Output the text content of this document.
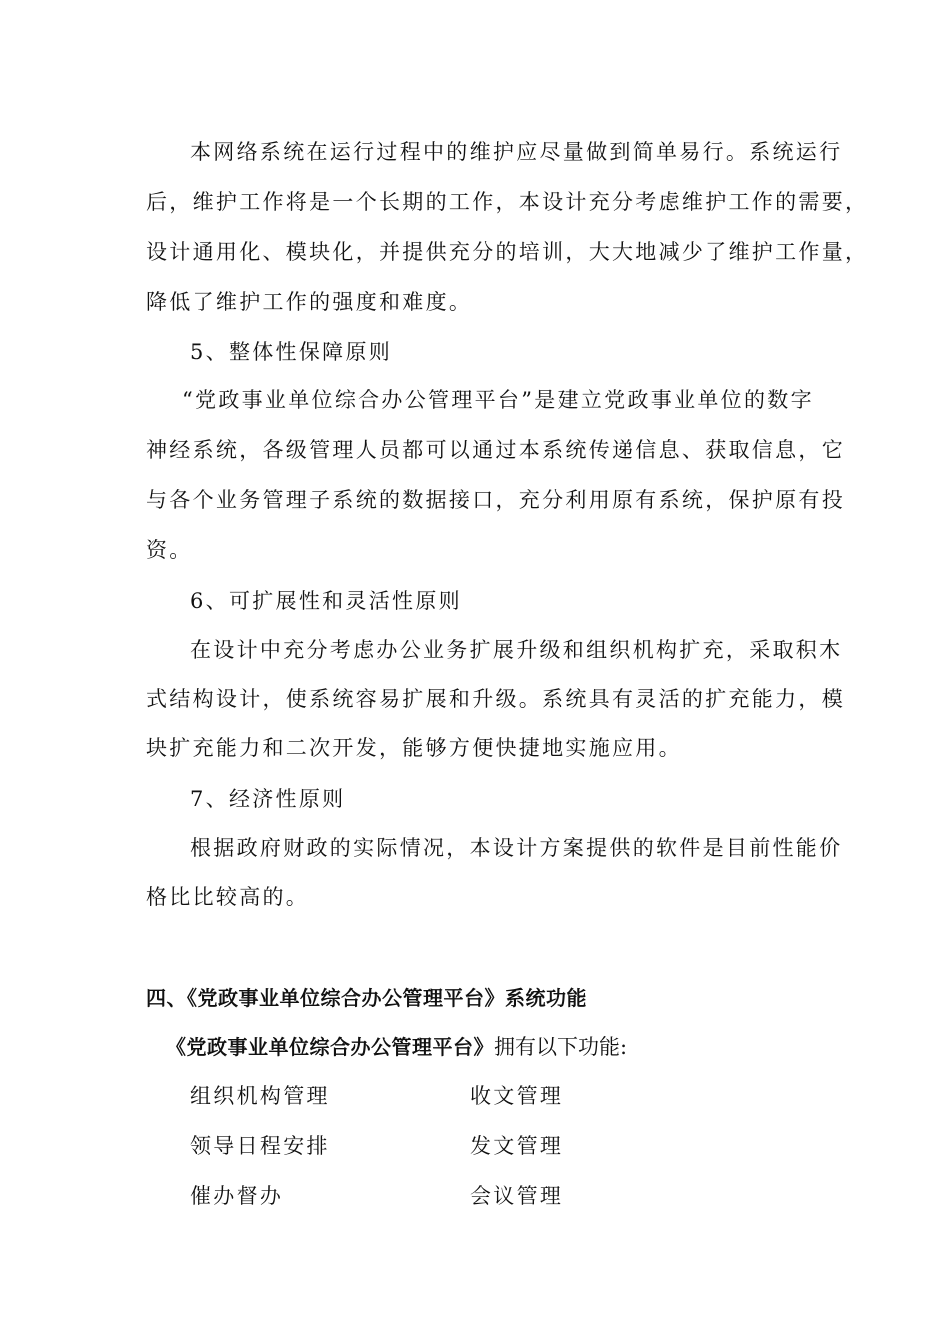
本网络系统在运行过程中的维护应尽量做到简单易行。系统运行
后，维护工作将是一个长期的工作，本设计充分考虑维护工作的需要，
设计通用化、模块化，并提供充分的培训，大大地减少了维护工作量，
降低了维护工作的强度和难度。
5、整体性保障原则
“党政事业单位综合办公管理平台”是建立党政事业单位的数字
神经系统，各级管理人员都可以通过本系统传递信息、获取信息，它
与各个业务管理子系统的数据接口，充分利用原有系统，保护原有投
资。
6、可扩展性和灵活性原则
在设计中充分考虑办公业务扩展升级和组织机构扩充，采取积木
式结构设计，使系统容易扩展和升级。系统具有灵活的扩充能力，模
块扩充能力和二次开发，能够方便快捷地实施应用。
7、经济性原则
根据政府财政的实际情况，本设计方案提供的软件是目前性能价
格比比较高的。
四、《党政事业单位综合办公管理平台》系统功能
《党政事业单位综合办公管理平台》拥有以下功能:
组织机构管理	收文管理
领导日程安排	发文管理
催办督办	会议管理
